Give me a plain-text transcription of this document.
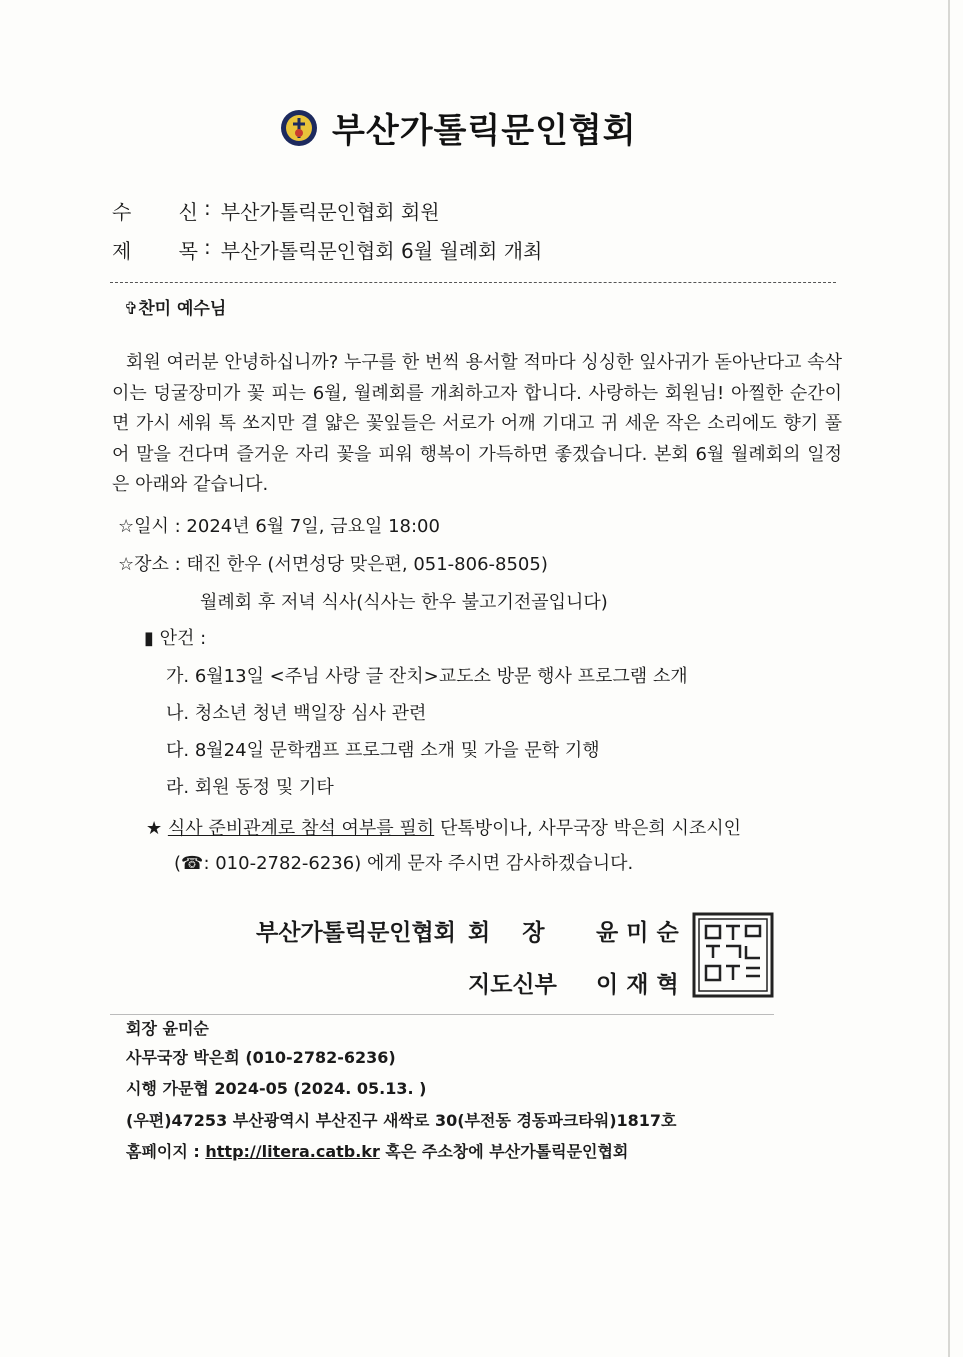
부산가톨릭문인협회
수 신 : 부산가톨릭문인협회 회원
제 목 : 부산가톨릭문인협회 6월 월례회 개최
✞찬미 예수님
회원 여러분 안녕하십니까? 누구를 한 번씩 용서할 적마다 싱싱한 잎사귀가 돋아난다고 속삭이는 덩굴장미가 꽃 피는 6월, 월례회를 개최하고자 합니다. 사랑하는 회원님! 아찔한 순간이면 가시 세워 톡 쏘지만 결 얇은 꽃잎들은 서로가 어깨 기대고 귀 세운 작은 소리에도 향기 풀어 말을 건다며 즐거운 자리 꽃을 피워 행복이 가득하면 좋겠습니다. 본회 6월 월례회의 일정은 아래와 같습니다.
☆일시 : 2024년 6월 7일, 금요일 18:00
☆장소 : 태진 한우 (서면성당 맞은편, 051-806-8505)
월례회 후 저녁 식사(식사는 한우 불고기전골입니다)
▮ 안건 :
가. 6월13일 <주님 사랑 글 잔치>교도소 방문 행사 프로그램 소개
나. 청소년 청년 백일장 심사 관련
다. 8월24일 문학캠프 프로그램 소개 및 가을 문학 기행
라. 회원 동정 및 기타
★ 식사 준비관계로 참석 여부를 필히 단톡방이나, 사무국장 박은희 시조시인
(☎: 010-2782-6236) 에게 문자 주시면 감사하겠습니다.
부산가톨릭문인협회 회    장 윤 미 순
지도신부 이 재 혁
회장 윤미순
사무국장 박은희 (010-2782-6236)
시행 가문협 2024-05 (2024. 05.13. )
(우편)47253 부산광역시 부산진구 새싹로 30(부전동 경동파크타워)1817호
홈페이지 : http://litera.catb.kr 혹은 주소창에 부산가톨릭문인협회
